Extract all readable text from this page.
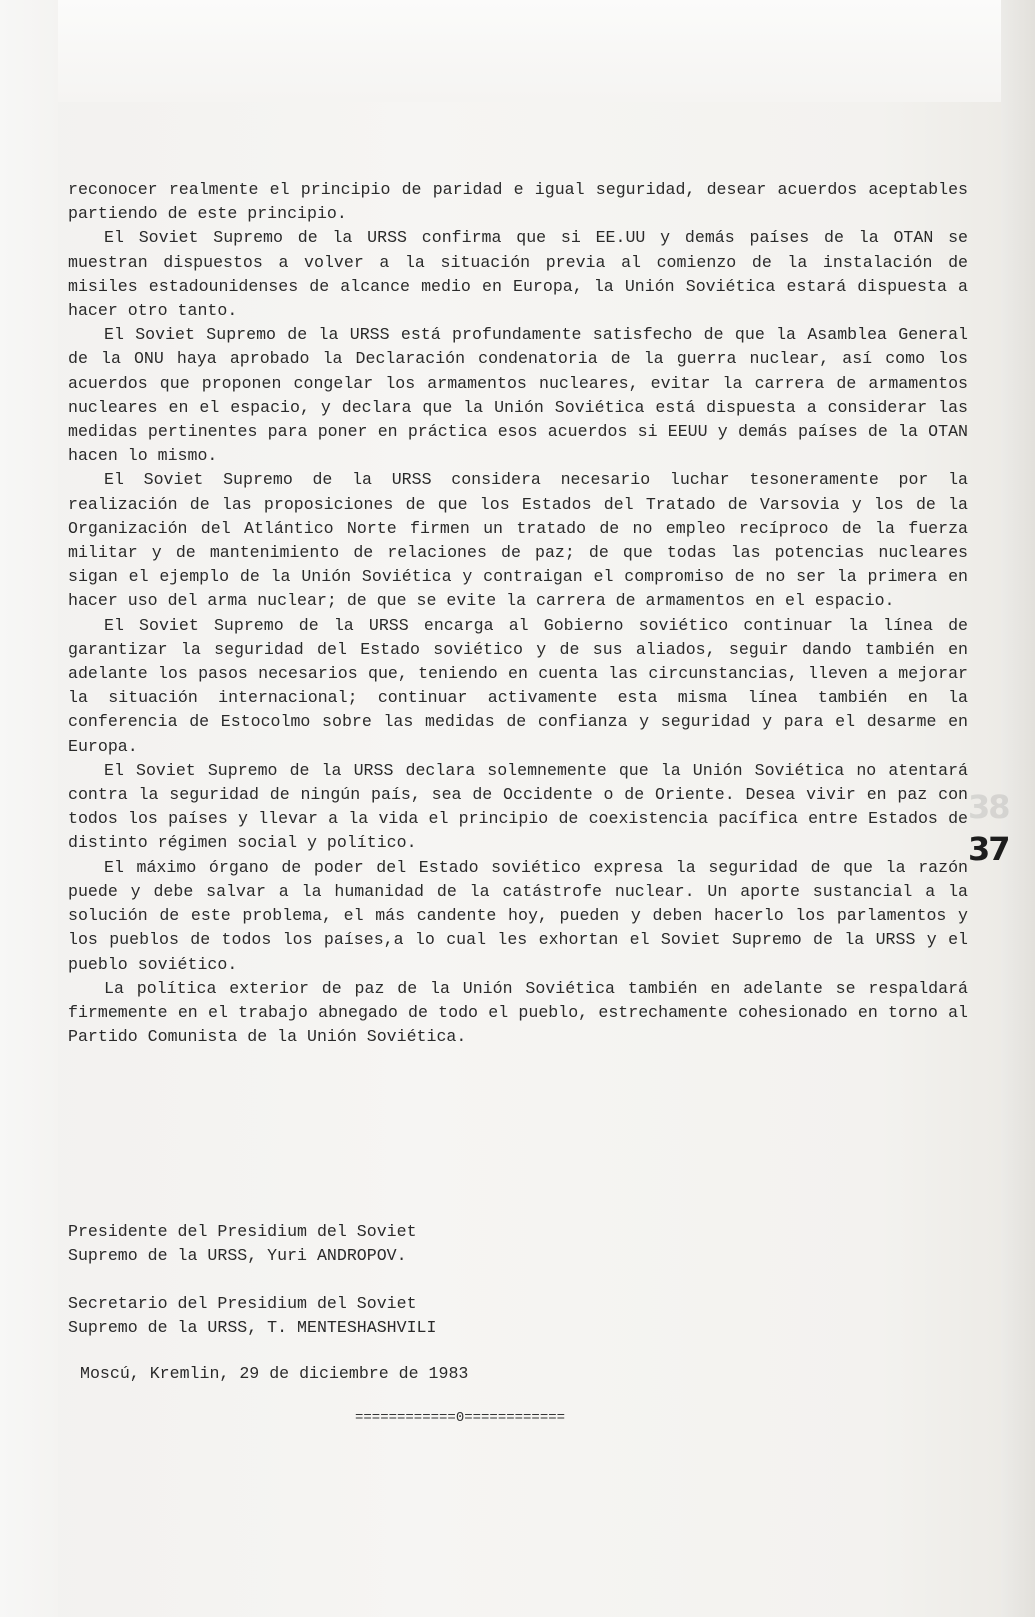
38
37

reconocer realmente el principio de paridad e igual seguridad, desear acuerdos aceptables partiendo de este principio.

El Soviet Supremo de la URSS confirma que si EE.UU y demás países de la OTAN se muestran dispuestos a volver a la situación previa al comienzo de la instalación de misiles estadounidenses de alcance medio en Europa, la Unión Soviética estará dispuesta a hacer otro tanto.

El Soviet Supremo de la URSS está profundamente satisfecho de que la Asamblea General de la ONU haya aprobado la Declaración condenatoria de la guerra nuclear, así como los acuerdos que proponen congelar los armamentos nucleares, evitar la carrera de armamentos nucleares en el espacio, y declara que la Unión Soviética está dispuesta a considerar las medidas pertinentes para poner en práctica esos acuerdos si EEUU y demás países de la OTAN hacen lo mismo.

El Soviet Supremo de la URSS considera necesario luchar tesoneramente por la realización de las proposiciones de que los Estados del Tratado de Varsovia y los de la Organización del Atlántico Norte firmen un tratado de no empleo recíproco de la fuerza militar y de mantenimiento de relaciones de paz; de que todas las potencias nucleares sigan el ejemplo de la Unión Soviética y contraigan el compromiso de no ser la primera en hacer uso del arma nuclear; de que se evite la carrera de armamentos en el espacio.

El Soviet Supremo de la URSS encarga al Gobierno soviético continuar la línea de garantizar la seguridad del Estado soviético y de sus aliados, seguir dando también en adelante los pasos necesarios que, teniendo en cuenta las circunstancias, lleven a mejorar la situación internacional; continuar activamente esta misma línea también en la conferencia de Estocolmo sobre las medidas de confianza y seguridad y para el desarme en Europa.

El Soviet Supremo de la URSS declara solemnemente que la Unión Soviética no atentará contra la seguridad de ningún país, sea de Occidente o de Oriente. Desea vivir en paz con todos los países y llevar a la vida el principio de coexistencia pacífica entre Estados de distinto régimen social y político.

El máximo órgano de poder del Estado soviético expresa la seguridad de que la razón puede y debe salvar a la humanidad de la catástrofe nuclear. Un aporte sustancial a la solución de este problema, el más candente hoy, pueden y deben hacerlo los parlamentos y los pueblos de todos los países,a lo cual les exhortan el Soviet Supremo de la URSS y el pueblo soviético.

La política exterior de paz de la Unión Soviética también en adelante se respaldará firmemente en el trabajo abnegado de todo el pueblo, estrechamente cohesionado en torno al Partido Comunista de la Unión Soviética.

Presidente del Presidium del Soviet
Supremo de la URSS, Yuri ANDROPOV.
Secretario del Presidium del Soviet
Supremo de la URSS, T. MENTESHASHVILI
Moscú, Kremlin, 29 de diciembre de 1983
============0============
